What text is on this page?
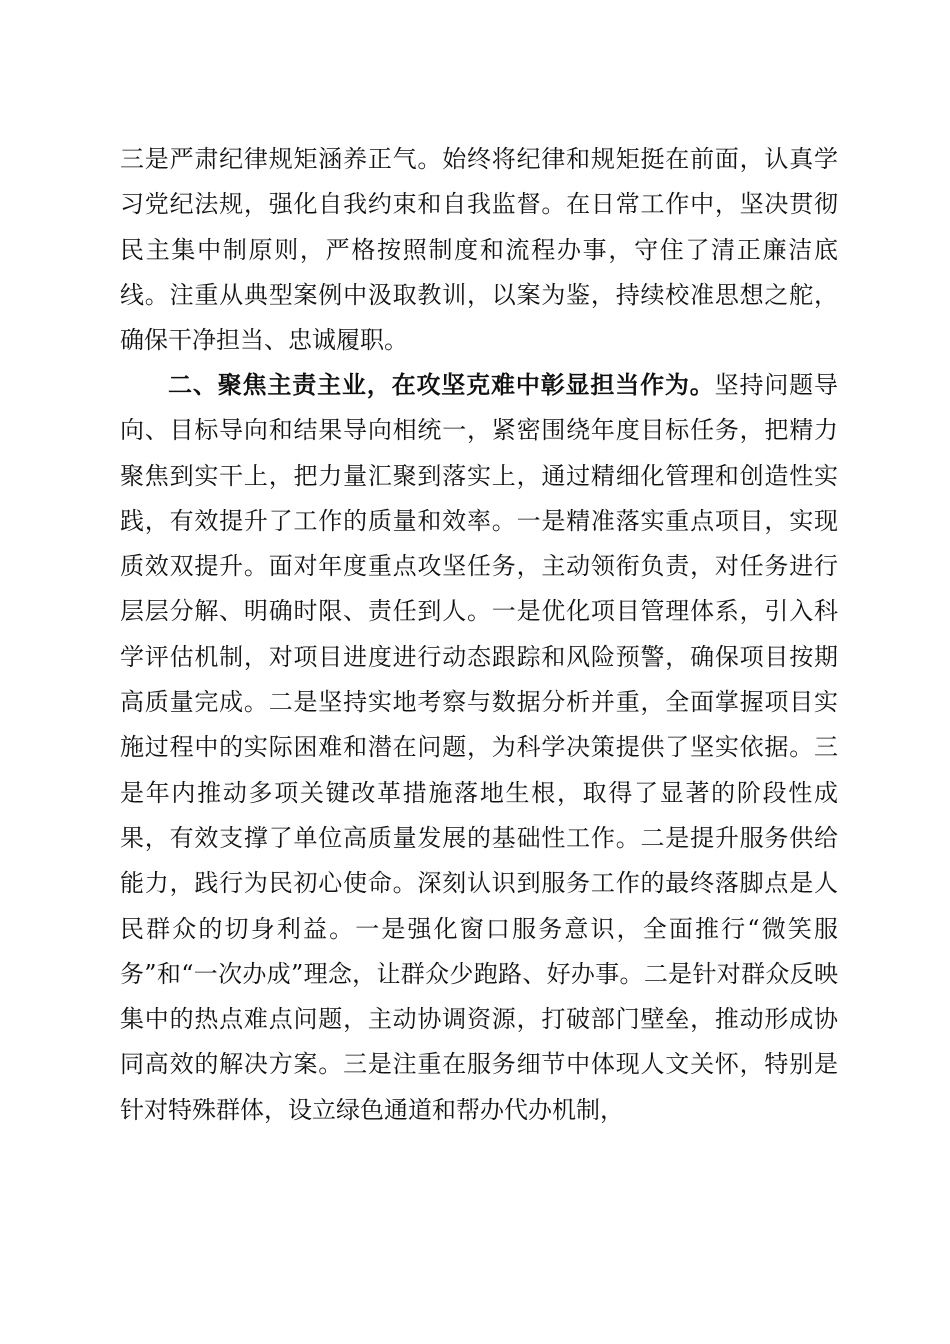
三是严肃纪律规矩涵养正气。始终将纪律和规矩挺在前面，认真学习党纪法规，强化自我约束和自我监督。在日常工作中，坚决贯彻民主集中制原则，严格按照制度和流程办事，守住了清正廉洁底线。注重从典型案例中汲取教训，以案为鉴，持续校准思想之舵，确保干净担当、忠诚履职。

二、聚焦主责主业，在攻坚克难中彰显担当作为。坚持问题导向、目标导向和结果导向相统一，紧密围绕年度目标任务，把精力聚焦到实干上，把力量汇聚到落实上，通过精细化管理和创造性实践，有效提升了工作的质量和效率。一是精准落实重点项目，实现质效双提升。面对年度重点攻坚任务，主动领衔负责，对任务进行层层分解、明确时限、责任到人。一是优化项目管理体系，引入科学评估机制，对项目进度进行动态跟踪和风险预警，确保项目按期高质量完成。二是坚持实地考察与数据分析并重，全面掌握项目实施过程中的实际困难和潜在问题，为科学决策提供了坚实依据。三是年内推动多项关键改革措施落地生根，取得了显著的阶段性成果，有效支撑了单位高质量发展的基础性工作。二是提升服务供给能力，践行为民初心使命。深刻认识到服务工作的最终落脚点是人民群众的切身利益。一是强化窗口服务意识，全面推行“微笑服务”和“一次办成”理念，让群众少跑路、好办事。二是针对群众反映集中的热点难点问题，主动协调资源，打破部门壁垒，推动形成协同高效的解决方案。三是注重在服务细节中体现人文关怀，特别是针对特殊群体，设立绿色通道和帮办代办机制，
